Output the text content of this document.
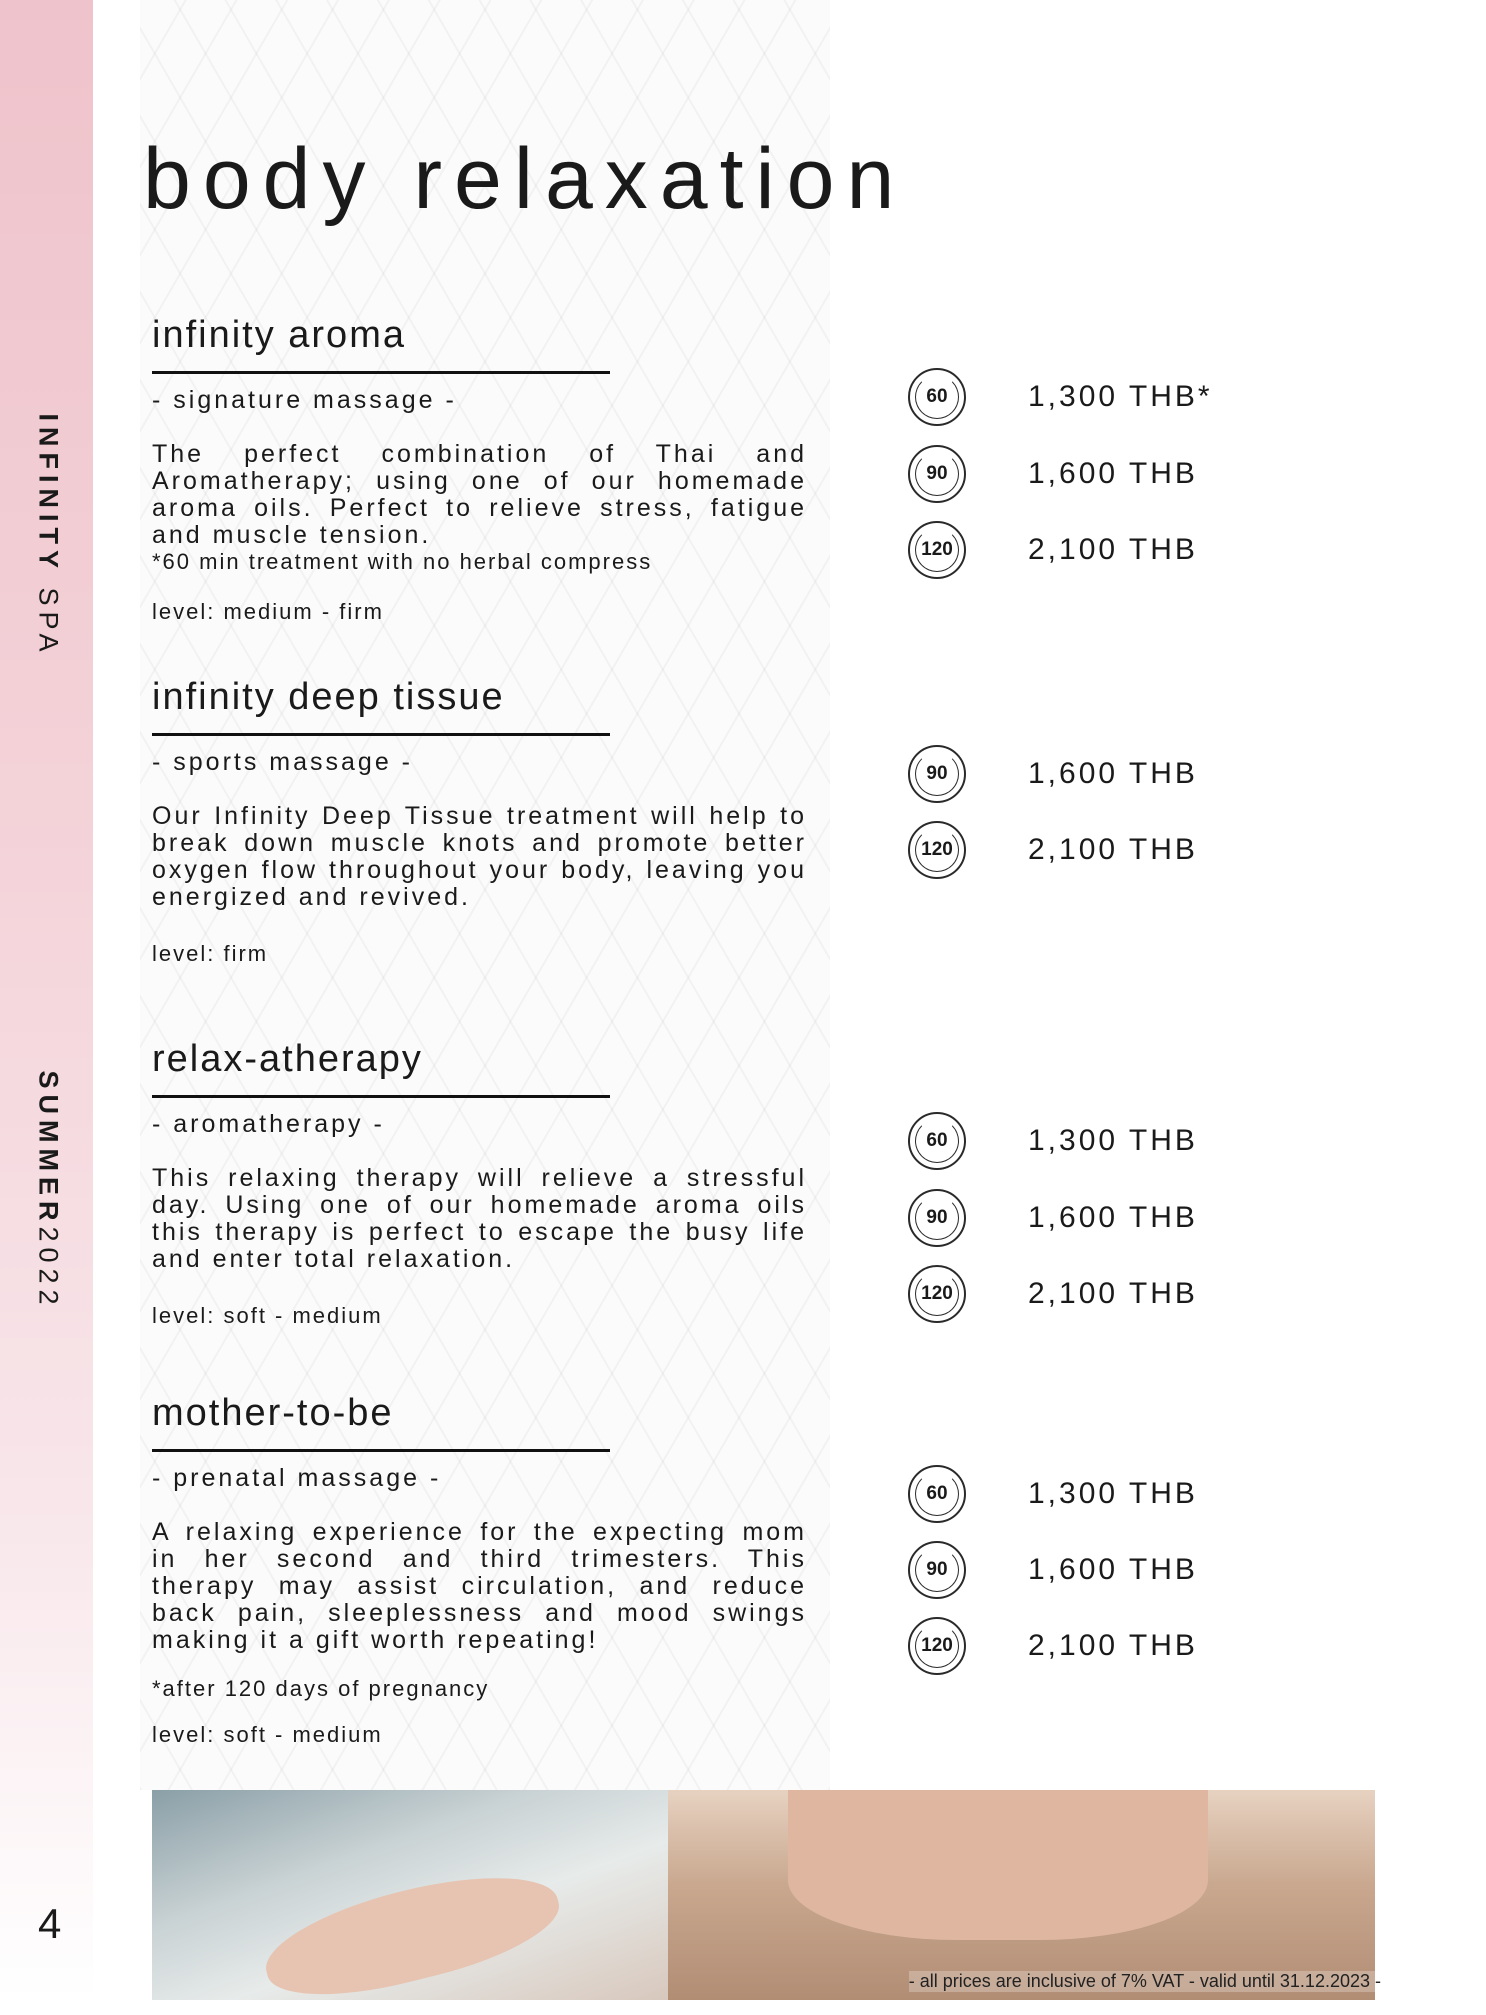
INFINITY SPA
SUMMER2022
4
body relaxation
infinity aroma
- signature massage -
The perfect combination of Thai and Aromatherapy; using one of our homemade aroma oils. Perfect to relieve stress, fatigue and muscle tension.
*60 min treatment with no herbal compress
level: medium - firm
60	1,300 THB*
90	1,600 THB
120	2,100 THB
infinity deep tissue
- sports massage -
Our Infinity Deep Tissue treatment will help to break down muscle knots and promote better oxygen flow throughout your body, leaving you energized and revived.
level: firm
90	1,600 THB
120	2,100 THB
relax-atherapy
- aromatherapy -
This relaxing therapy will relieve a stressful day. Using one of our homemade aroma oils this therapy is perfect to escape the busy life and enter total relaxation.
level: soft - medium
60	1,300 THB
90	1,600 THB
120	2,100 THB
mother-to-be
- prenatal massage -
A relaxing experience for the expecting mom in her second and third trimesters. This therapy may assist circulation, and reduce back pain, sleeplessness and mood swings making it a gift worth repeating!
*after 120 days of pregnancy
level: soft - medium
60	1,300 THB
90	1,600 THB
120	2,100 THB
- all prices are inclusive of 7% VAT - valid until 31.12.2023 -
